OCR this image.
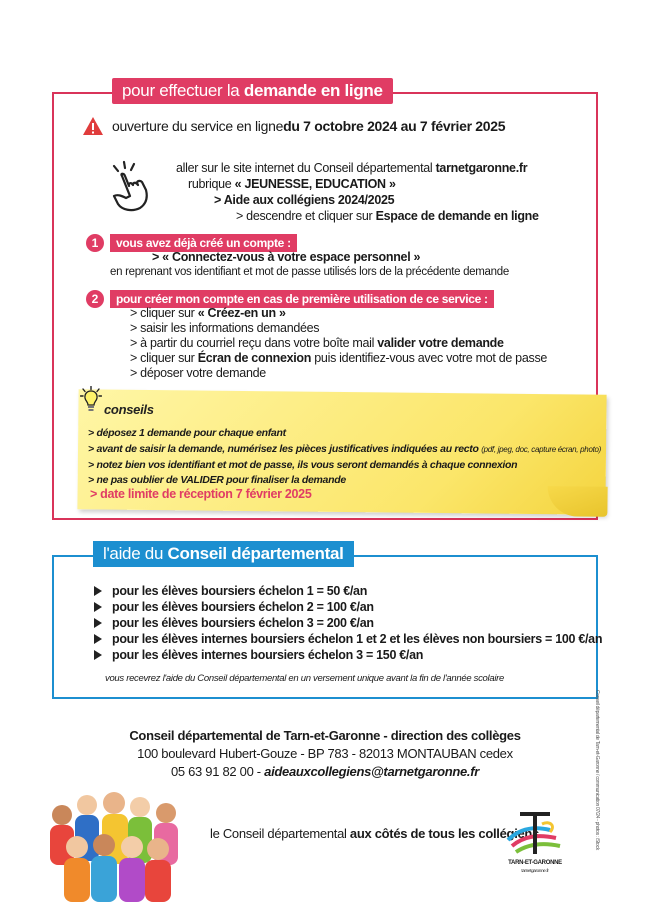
pour effectuer la demande en ligne
ouverture du service en ligne du 7 octobre 2024 au 7 février 2025
aller sur le site internet du Conseil départemental tarnetgaronne.fr
rubrique « JEUNESSE, EDUCATION »
> Aide aux collégiens 2024/2025
> descendre et cliquer sur Espace de demande en ligne
1	vous avez déjà créé un compte :
> « Connectez-vous à votre espace personnel »
en reprenant vos identifiant et mot de passe utilisés lors de la précédente demande
2	pour créer mon compte en cas de première utilisation de ce service :
> cliquer sur « Créez-en un »
> saisir les informations demandées
> à partir du courriel reçu dans votre boîte mail valider votre demande
> cliquer sur Écran de connexion puis identifiez-vous avec votre mot de passe
> déposer votre demande
conseils
> déposez 1 demande pour chaque enfant
> avant de saisir la demande, numérisez les pièces justificatives indiquées au recto (pdf, jpeg, doc, capture écran, photo)
> notez bien vos identifiant et mot de passe, ils vous seront demandés à chaque connexion
> ne pas oublier de VALIDER pour finaliser la demande
> date limite de réception 7 février 2025
l'aide du Conseil départemental
pour les élèves boursiers échelon 1 = 50 €/an
pour les élèves boursiers échelon 2 = 100 €/an
pour les élèves boursiers échelon 3 = 200 €/an
pour les élèves internes boursiers échelon 1 et 2 et les élèves non boursiers = 100 €/an
pour les élèves internes boursiers échelon 3 = 150 €/an
vous recevrez l'aide du Conseil départemental en un versement unique avant la fin de l'année scolaire
Conseil départemental de Tarn-et-Garonne - direction des collèges
100 boulevard Hubert-Gouze - BP 783 - 82013 MONTAUBAN cedex
05 63 91 82 00 - aideauxcollegiens@tarnetgaronne.fr
le Conseil départemental aux côtés de tous les collégiens
TARN-ET-GARONNE
tarnetgaronne.fr
Conseil départemental de Tarn-et-Garonne / communication 07/24 - photos : iStock
